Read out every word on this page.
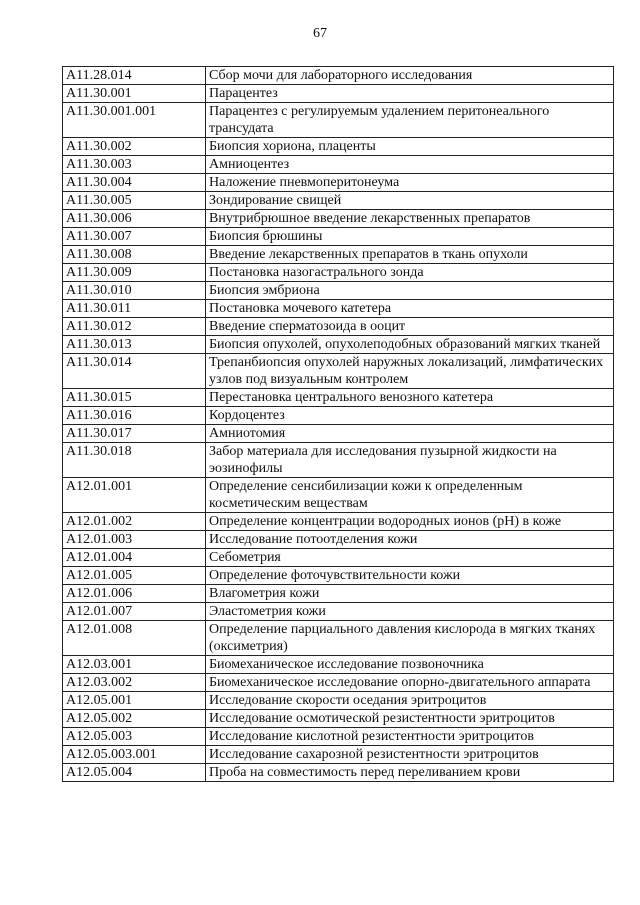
67
A11.28.014	Сбор мочи для лабораторного исследования
A11.30.001	Парацентез
A11.30.001.001	Парацентез с регулируемым удалением перитонеального трансудата
A11.30.002	Биопсия хориона, плаценты
A11.30.003	Амниоцентез
A11.30.004	Наложение пневмоперитонеума
A11.30.005	Зондирование свищей
A11.30.006	Внутрибрюшное введение лекарственных препаратов
A11.30.007	Биопсия брюшины
A11.30.008	Введение лекарственных препаратов в ткань опухоли
A11.30.009	Постановка назогастрального зонда
A11.30.010	Биопсия эмбриона
A11.30.011	Постановка мочевого катетера
A11.30.012	Введение сперматозоида в ооцит
A11.30.013	Биопсия опухолей, опухолеподобных образований мягких тканей
A11.30.014	Трепанбиопсия опухолей наружных локализаций, лимфатических узлов под визуальным контролем
A11.30.015	Перестановка центрального венозного катетера
A11.30.016	Кордоцентез
A11.30.017	Амниотомия
A11.30.018	Забор материала для исследования пузырной жидкости на эозинофилы
A12.01.001	Определение сенсибилизации кожи к определенным косметическим веществам
A12.01.002	Определение концентрации водородных ионов (pH) в коже
A12.01.003	Исследование потоотделения кожи
A12.01.004	Себометрия
A12.01.005	Определение фоточувствительности кожи
A12.01.006	Влагометрия кожи
A12.01.007	Эластометрия кожи
A12.01.008	Определение парциального давления кислорода в мягких тканях (оксиметрия)
A12.03.001	Биомеханическое исследование позвоночника
A12.03.002	Биомеханическое исследование опорно-двигательного аппарата
A12.05.001	Исследование скорости оседания эритроцитов
A12.05.002	Исследование осмотической резистентности эритроцитов
A12.05.003	Исследование кислотной резистентности эритроцитов
A12.05.003.001	Исследование сахарозной резистентности эритроцитов
A12.05.004	Проба на совместимость перед переливанием крови
